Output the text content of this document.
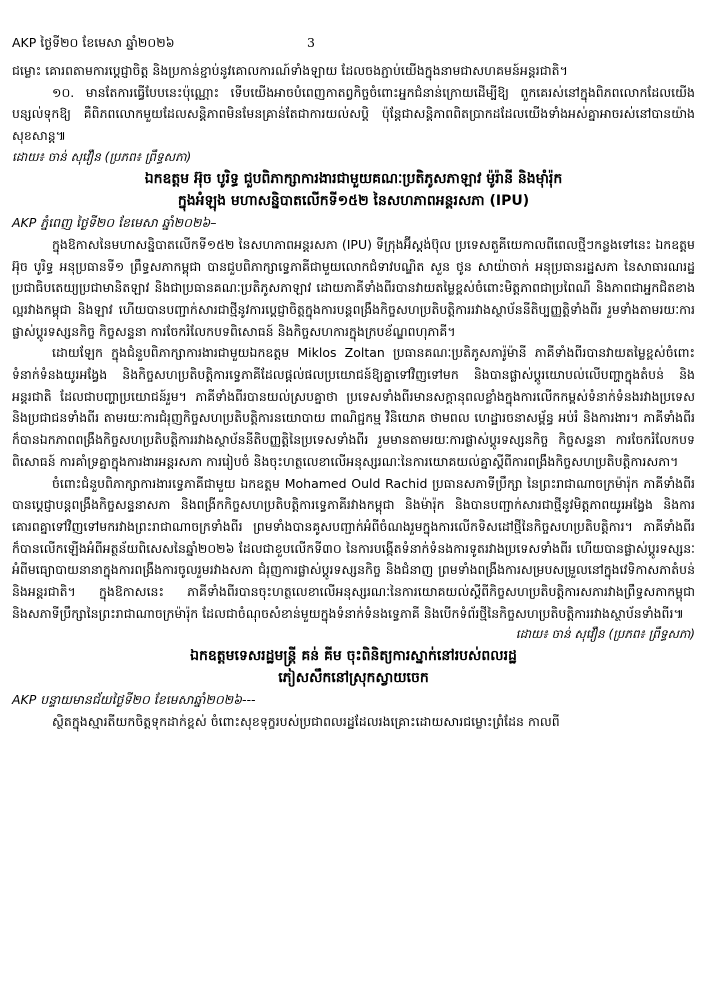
AKP ថ្ងៃទី២០ ខែមេសា ឆ្នាំ២០២៦	3

ជម្លោះ គោរពតាមការប្តេជ្ញាចិត្ត និងប្រកាន់ខ្ជាប់នូវគោលការណ៍ទាំងឡាយ ដែលចងភ្ជាប់យើងក្នុងនាមជាសហគមន៍អន្តរជាតិ។

១០. មានតែការធ្វើបែបនេះប៉ុណ្ណោះ ទើបយើងអាចបំពេញកាតព្វកិច្ចចំពោះអ្នកជំនាន់ក្រោយដើម្បីឱ្យ ពួកគេរស់នៅក្នុងពិភពលោកដែលយើងបន្សល់ទុកឱ្យ គឺពិភពលោកមួយដែលសន្តិភាពមិនមែនគ្រាន់តែជាការយល់សប្តិ ប៉ុន្តែជាសន្តិភាពពិតប្រាកដដែលយើងទាំងអស់គ្នាអាចរស់នៅបានយ៉ាងសុខសាន្ត៕

ដោយ៖ ចាន់ សុវឿន (ប្រភព៖ ព្រឹទ្ធសភា)

ឯកឧត្តម អ៊ុច បូរិទ្ធ ជួបពិភាក្សាការងារជាមួយគណៈប្រតិភូសភាឡាវ ម៉ូរ៉ានី និងម៉ាំរ៉ុក

ក្នុងអំឡុង មហាសន្និបាតលើកទី១៥២ នៃសហភាពអន្តរសភា (IPU)

AKP ភ្នំពេញ ថ្ងៃទី២០ ខែមេសា ឆ្នាំ២០២៦–

ក្នុងឱកាសនៃមហាសន្និបាតលើកទី១៥២ នៃសហភាពអន្តរសភា (IPU) ទីក្រុងអ៊ីស្តង់ប៊ុល ប្រទេសតួគីយេកាលពីពេលថ្មីៗកន្លងទៅនេះ ឯកឧត្តម អ៊ុច បូរិទ្ធ អនុប្រធានទី១ ព្រឹទ្ធសភាកម្ពុជា បានជួបពិភាក្សាទ្វេភាគីជាមួយលោកជំទាវបណ្ឌិត សួន ថូន សាយ៉ាចាក់ អនុប្រធានរដ្ឋសភា នៃសាធារណរដ្ឋប្រជាធិបតេយ្យប្រជាមានិតឡាវ និងជាប្រធានគណៈប្រតិភូសភាឡាវ ដោយភាគីទាំងពីរបានវាយតម្លៃខ្ពស់ចំពោះមិត្តភាពជាប្រពៃណី និងភាពជាអ្នកជិតខាងល្អរវាងកម្ពុជា និងឡាវ ហើយបានបញ្ជាក់សារជាថ្មីនូវការប្តេជ្ញាចិត្តក្នុងការបន្តពង្រឹងកិច្ចសហប្រតិបត្តិការរវាងស្ថាប័ននីតិប្បញ្ញត្តិទាំងពីរ រួមទាំងតាមរយៈការផ្លាស់ប្តូរទស្សនកិច្ច កិច្ចសន្ទនា ការចែករំលែកបទពិសោធន៍ និងកិច្ចសហការក្នុងក្របខ័ណ្ឌពហុភាគី។

ដោយឡែក ក្នុងជំនួបពិភាក្សាការងារជាមួយឯកឧត្តម Miklos Zoltan ប្រធានគណៈប្រតិភូសភារ៉ូម៉ានី ភាគីទាំងពីរបានវាយតម្លៃខ្ពស់ចំពោះទំនាក់ទំនងយូរអង្វែង និងកិច្ចសហប្រតិបត្តិការទ្វេភាគីដែលផ្តល់ផលប្រយោជន៍ឱ្យគ្នាទៅវិញទៅមក និងបានផ្លាស់ប្តូរយោបល់លើបញ្ហាក្នុងតំបន់ និងអន្តរជាតិ ដែលជាបញ្ហាប្រយោជន៍រួម។ ភាគីទាំងពីរបានយល់ស្របគ្នាថា ប្រទេសទាំងពីរមានសក្តានុពលខ្លាំងក្នុងការលើកកម្ពស់ទំនាក់ទំនងរវាងប្រទេស និងប្រជាជនទាំងពីរ តាមរយៈការជំរុញកិច្ចសហប្រតិបត្តិការនយោបាយ ពាណិជ្ជកម្ម វិនិយោគ ថាមពល ហេដ្ឋារចនាសម្ព័ន្ធ អប់រំ និងការងារ។ ភាគីទាំងពីរ ក៏បានឯកភាពពង្រឹងកិច្ចសហប្រតិបត្តិការរវាងស្ថាប័ននីតិបញ្ញត្តិនៃប្រទេសទាំងពីរ រួមមានតាមរយៈការផ្លាស់ប្តូរទស្សនកិច្ច កិច្ចសន្ទនា ការចែករំលែកបទពិសោធន៍ ការគាំទ្រគ្នាក្នុងការងារអន្តរសភា ការរៀបចំ និងចុះហត្ថលេខាលើអនុស្សរណៈនៃការយោគយល់គ្នាស្តីពីការពង្រឹងកិច្ចសហប្រតិបត្តិការសភា។

ចំពោះជំនួបពិភាក្សាការងារទ្វេភាគីជាមួយ ឯកឧត្តម Mohamed Ould Rachid ប្រធានសភាទីប្រឹក្សា នៃព្រះរាជាណាចក្រម៉ារ៉ុក ភាគីទាំងពីរបានប្តេជ្ញាបន្តពង្រឹងកិច្ចសន្ទនាសភា និងពង្រីកកិច្ចសហប្រតិបត្តិការទ្វេភាគីរវាងកម្ពុជា និងម៉ារ៉ុក និងបានបញ្ជាក់សារជាថ្មីនូវមិត្តភាពយូរអង្វែង និងការគោរពគ្នាទៅវិញទៅមករវាងព្រះរាជាណាចក្រទាំងពីរ ព្រមទាំងបានគូសបញ្ជាក់អំពីចំណងរួមក្នុងការលើកទិសដៅថ្មីនៃកិច្ចសហប្រតិបត្តិការ។ ភាគីទាំងពីរ ក៏បានលើកឡើងអំពីអត្ថន័យពិសេសនៃឆ្នាំ២០២៦ ដែលជាខួបលើកទី៣០ នៃការបង្កើតទំនាក់ទំនងការទូតរវាងប្រទេសទាំងពីរ ហើយបានផ្លាស់ប្តូរទស្សនៈអំពីមធ្យោបាយនានាក្នុងការពង្រឹងការចូលរួមរវាងសភា ជំរុញការផ្លាស់ប្តូរទស្សនកិច្ច និងជំនាញ ព្រមទាំងពង្រឹងការសម្របសម្រួលនៅក្នុងវេទិកាសភាតំបន់ និងអន្តរជាតិ។ ក្នុងឱកាសនេះ ភាគីទាំងពីរបានចុះហត្ថលេខាលើអនុស្សរណៈនៃការយោគយល់ស្តីពីកិច្ចសហប្រតិបត្តិការសភារវាងព្រឹទ្ធសភាកម្ពុជា និងសភាទីប្រឹក្សានៃព្រះរាជាណាចក្រម៉ារ៉ុក ដែលជាចំណុចសំខាន់មួយក្នុងទំនាក់ទំនងទ្វេភាគី និងបើកទំព័រថ្មីនៃកិច្ចសហប្រតិបត្តិការរវាងស្ថាប័នទាំងពីរ៕

ដោយ៖ ចាន់ សុវឿន (ប្រភព៖ ព្រឹទ្ធសភា)

ឯកឧត្តមទេសរដ្ឋមន្ត្រី គន់ គីម ចុះពិនិត្យការស្នាក់នៅរបស់ពលរដ្ឋ

ភៀសសឹកនៅស្រុកស្វាយចេក

AKP បន្ទាយមានជ័យថ្ងៃទី២០ ខែមេសាឆ្នាំ២០២៦---

ស្ថិតក្នុងស្មារតីយកចិត្តទុកដាក់ខ្ពស់ ចំពោះសុខទុក្ខរបស់ប្រជាពលរដ្ឋដែលរងគ្រោះដោយសារជម្លោះព្រំដែន កាលពី
